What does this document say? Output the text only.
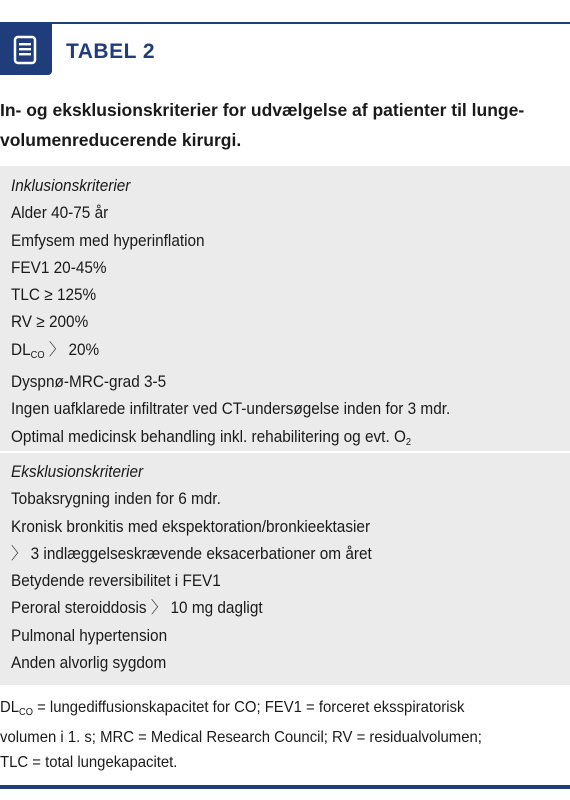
TABEL 2
In- og eksklusionskriterier for udvælgelse af patienter til lunge-
volumenreducerende kirurgi.
Inklusionskriterier
Alder 40-75 år
Emfysem med hyperinflation
FEV1 20-45%
TLC ≥ 125%
RV ≥ 200%
$DL_{CO}$ 〉 20%
Dyspnø-MRC-grad 3-5
Ingen uafklarede infiltrater ved CT-undersøgelse inden for 3 mdr.
Optimal medicinsk behandling inkl. rehabilitering og evt. $O_2$
Eksklusionskriterier
Tobaksrygning inden for 6 mdr.
Kronisk bronkitis med ekspektoration/bronkieektasier
〉 3 indlæggelseskrævende eksacerbationer om året
Betydende reversibilitet i FEV1
Peroral steroiddosis 〉 10 mg dagligt
Pulmonal hypertension
Anden alvorlig sygdom
$DL_{CO}$ = lungediffusionskapacitet for CO; FEV1 = forceret eksspiratorisk
volumen i 1. s; MRC = Medical Research Council; RV = residualvolumen;
TLC = total lungekapacitet.
